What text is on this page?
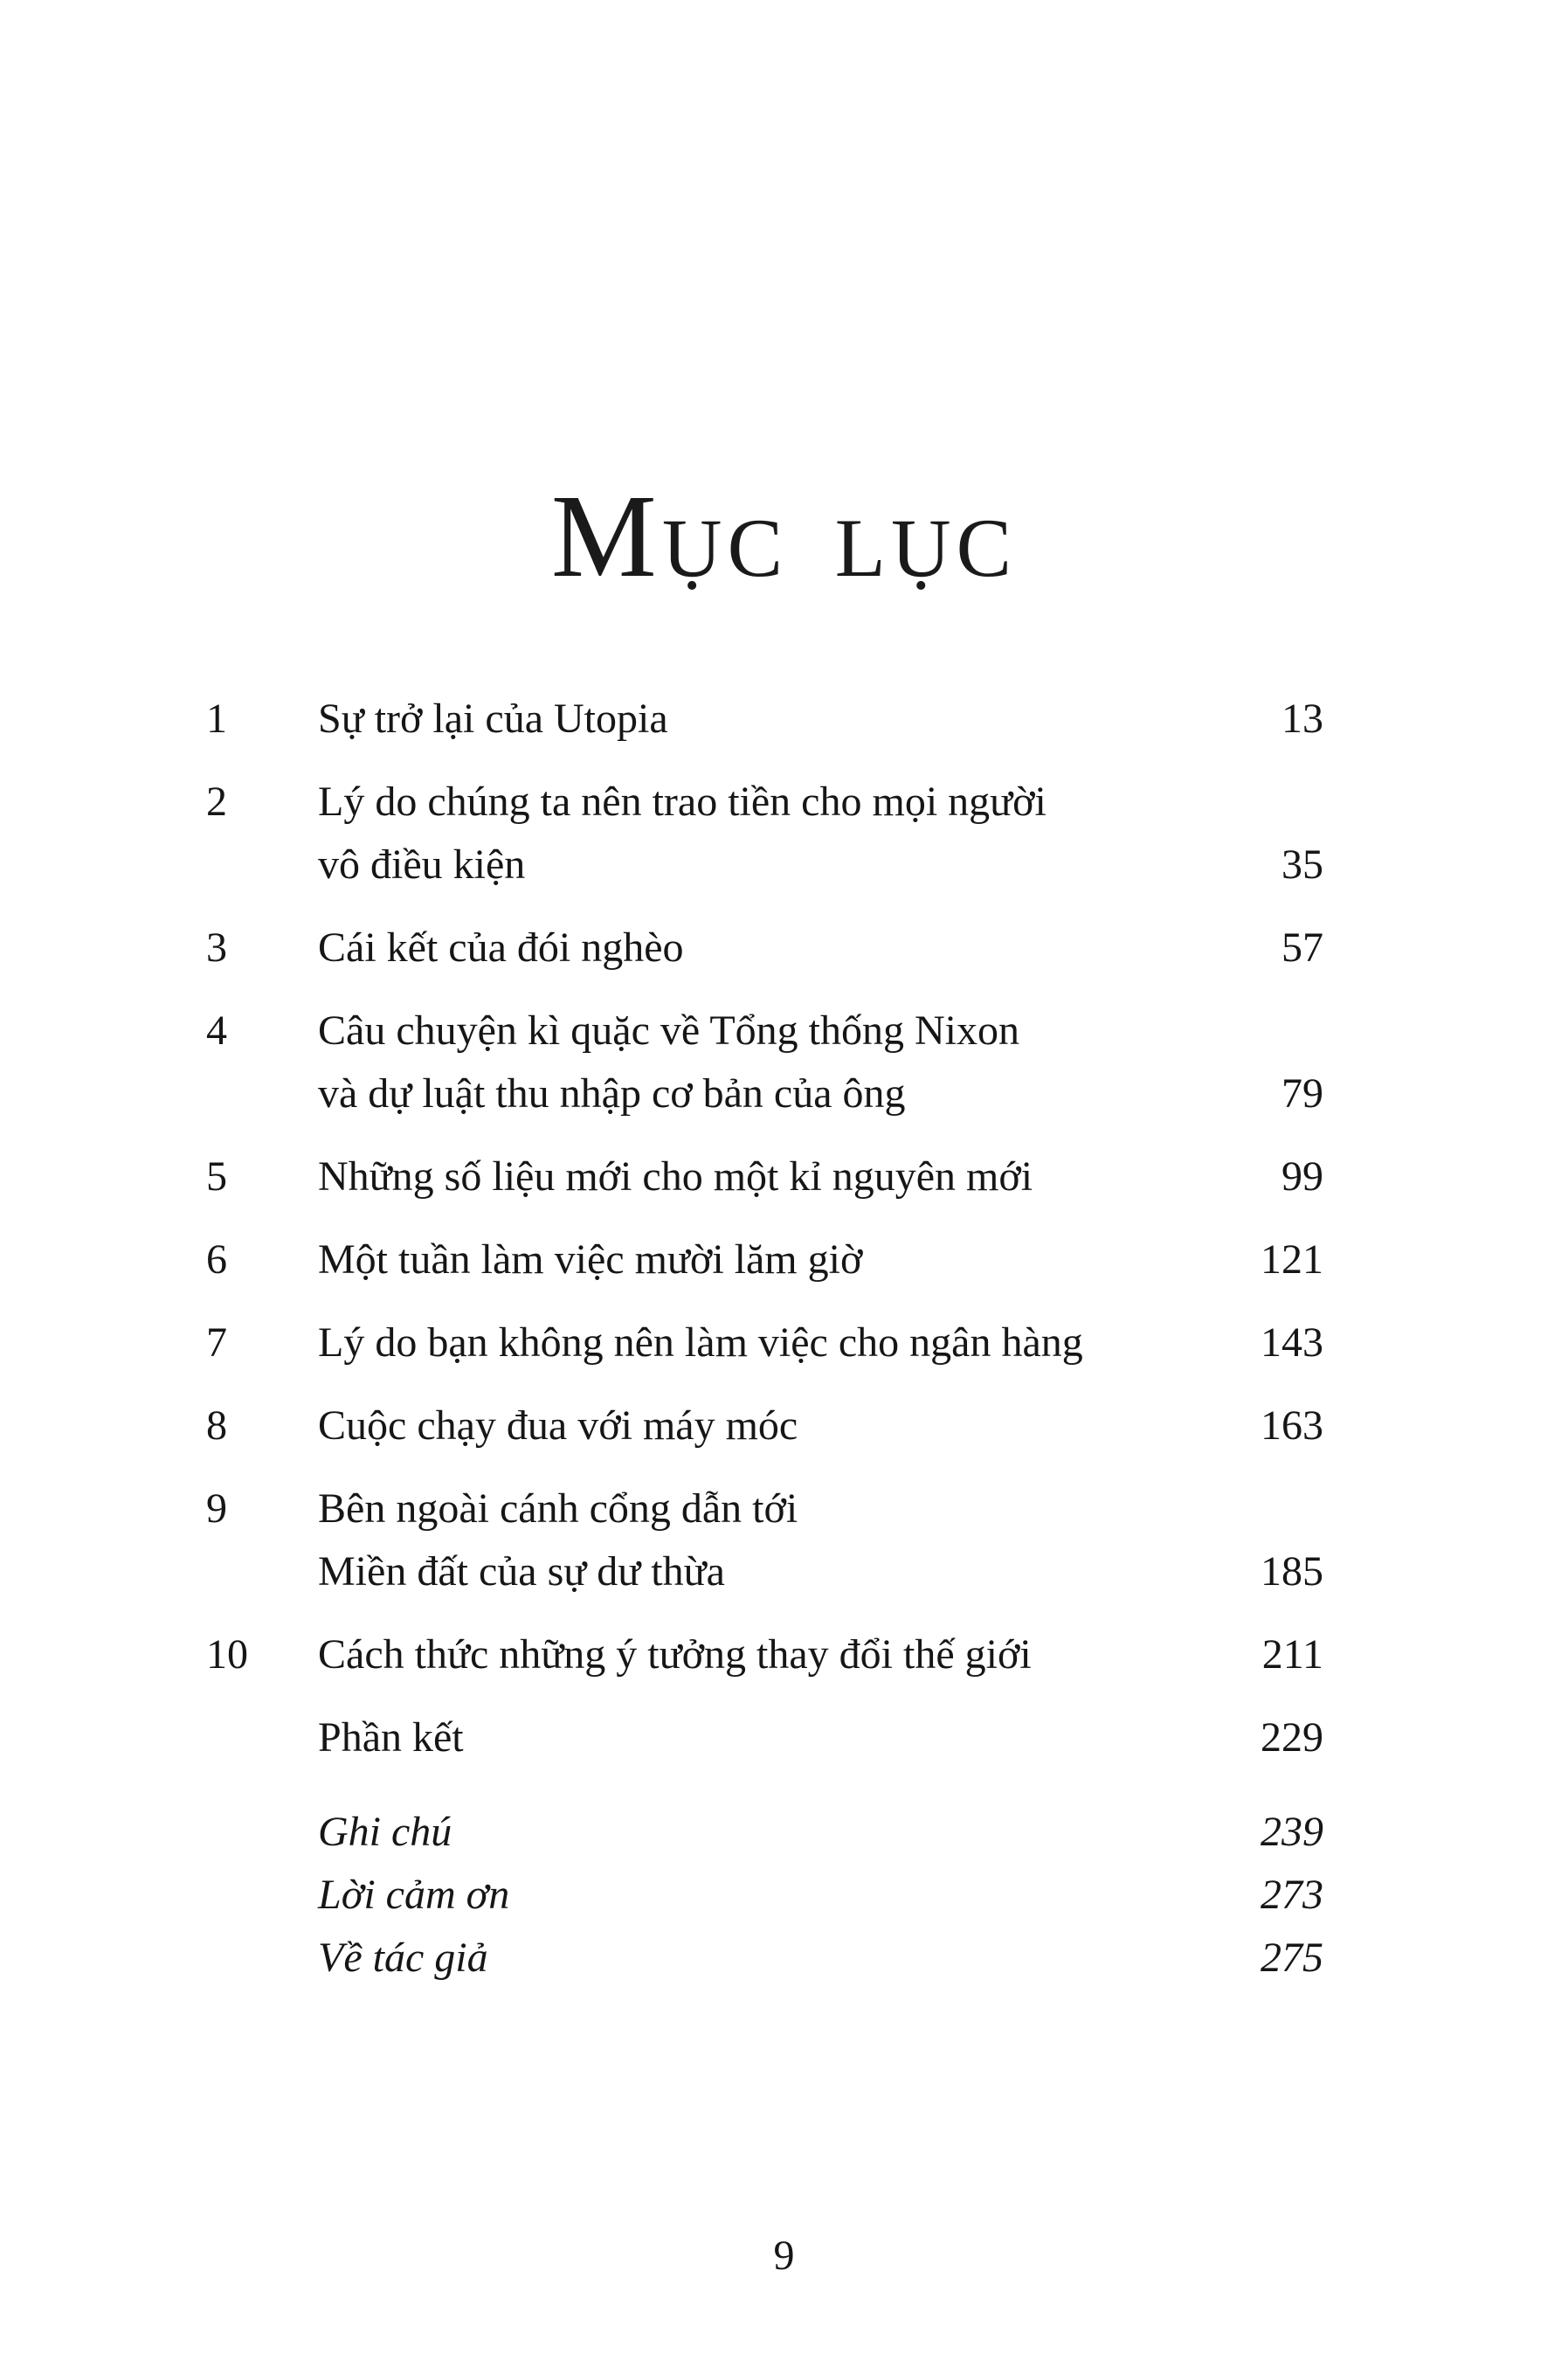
Mục lục
1	Sự trở lại của Utopia	13
2	Lý do chúng ta nên trao tiền cho mọi người
vô điều kiện	35
3	Cái kết của đói nghèo	57
4	Câu chuyện kì quặc về Tổng thống Nixon
và dự luật thu nhập cơ bản của ông	79
5	Những số liệu mới cho một kỉ nguyên mới	99
6	Một tuần làm việc mười lăm giờ	121
7	Lý do bạn không nên làm việc cho ngân hàng	143
8	Cuộc chạy đua với máy móc	163
9	Bên ngoài cánh cổng dẫn tới
Miền đất của sự dư thừa	185
10	Cách thức những ý tưởng thay đổi thế giới	211
Phần kết	229
Ghi chú	239
Lời cảm ơn	273
Về tác giả	275
9
